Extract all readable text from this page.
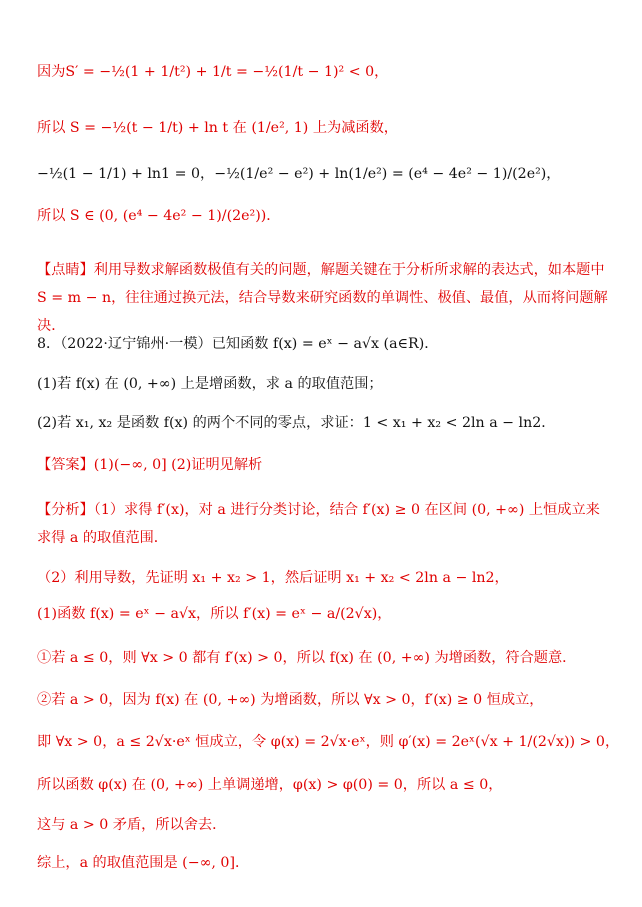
因为S′ = −½(1 + 1/t²) + 1/t = −½(1/t − 1)² < 0，
所以 S = −½(t − 1/t) + ln t 在 (1/e², 1) 上为减函数，
−½(1 − 1/1) + ln1 = 0，−½(1/e² − e²) + ln(1/e²) = (e⁴ − 4e² − 1)/(2e²)，
所以 S ∈ (0, (e⁴ − 4e² − 1)/(2e²))．
【点睛】利用导数求解函数极值有关的问题，解题关键在于分析所求解的表达式，如本题中 S = m − n，往往通过换元法，结合导数来研究函数的单调性、极值、最值，从而将问题解决．
8．（2022·辽宁锦州·一模）已知函数 f(x) = eˣ − a√x (a∈R)．
(1)若 f(x) 在 (0, +∞) 上是增函数，求 a 的取值范围；
(2)若 x₁, x₂ 是函数 f(x) 的两个不同的零点，求证：1 < x₁ + x₂ < 2ln a − ln2．
【答案】(1)(−∞, 0] (2)证明见解析
【分析】（1）求得 f′(x)，对 a 进行分类讨论，结合 f′(x) ≥ 0 在区间 (0, +∞) 上恒成立来求得 a 的取值范围．
（2）利用导数，先证明 x₁ + x₂ > 1，然后证明 x₁ + x₂ < 2ln a − ln2，
(1)函数 f(x) = eˣ − a√x，所以 f′(x) = eˣ − a/(2√x)，
①若 a ≤ 0，则 ∀x > 0 都有 f′(x) > 0，所以 f(x) 在 (0, +∞) 为增函数，符合题意．
②若 a > 0，因为 f(x) 在 (0, +∞) 为增函数，所以 ∀x > 0，f′(x) ≥ 0 恒成立，
即 ∀x > 0，a ≤ 2√x·eˣ 恒成立，令 φ(x) = 2√x·eˣ，则 φ′(x) = 2eˣ(√x + 1/(2√x)) > 0，
所以函数 φ(x) 在 (0, +∞) 上单调递增，φ(x) > φ(0) = 0，所以 a ≤ 0，
这与 a > 0 矛盾，所以舍去．
综上，a 的取值范围是 (−∞, 0]．
